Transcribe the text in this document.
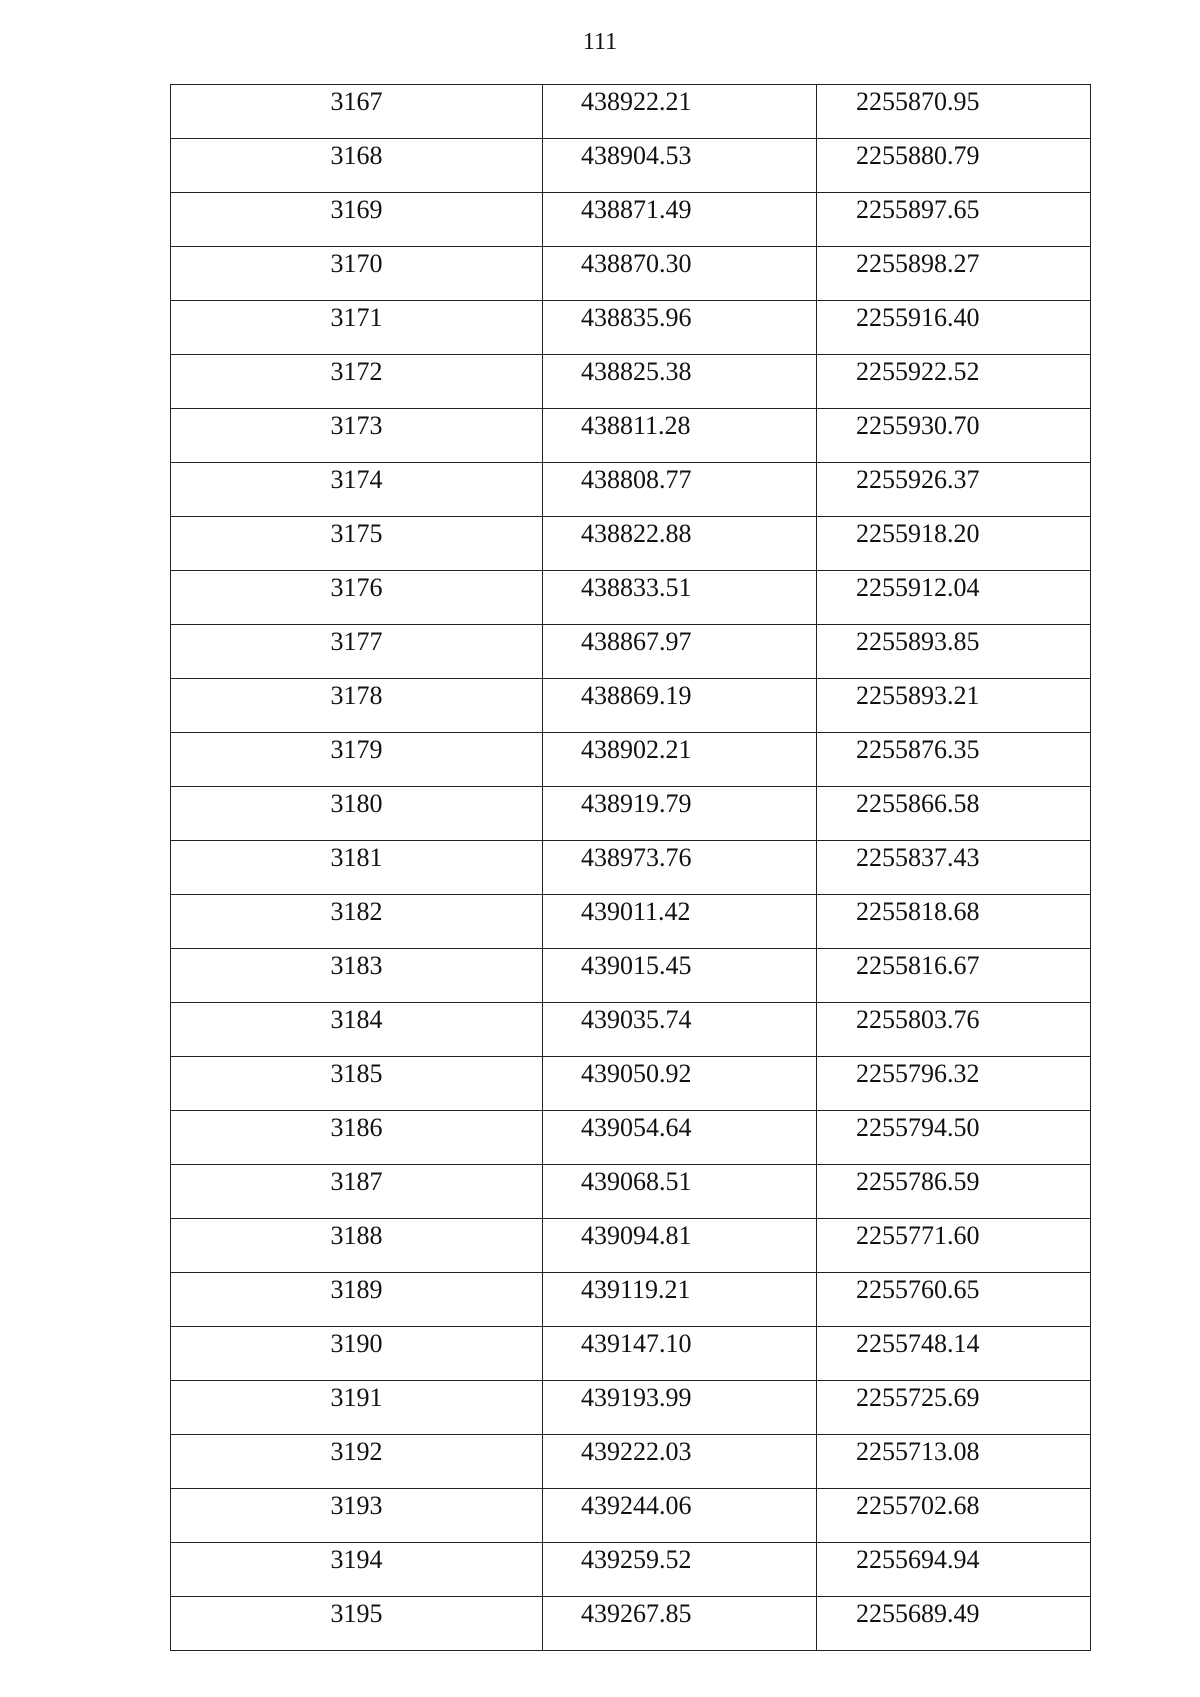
111
3167	438922.21	2255870.95

3168	438904.53	2255880.79

3169	438871.49	2255897.65

3170	438870.30	2255898.27

3171	438835.96	2255916.40

3172	438825.38	2255922.52

3173	438811.28	2255930.70

3174	438808.77	2255926.37

3175	438822.88	2255918.20

3176	438833.51	2255912.04

3177	438867.97	2255893.85

3178	438869.19	2255893.21

3179	438902.21	2255876.35

3180	438919.79	2255866.58

3181	438973.76	2255837.43

3182	439011.42	2255818.68

3183	439015.45	2255816.67

3184	439035.74	2255803.76

3185	439050.92	2255796.32

3186	439054.64	2255794.50

3187	439068.51	2255786.59

3188	439094.81	2255771.60

3189	439119.21	2255760.65

3190	439147.10	2255748.14

3191	439193.99	2255725.69

3192	439222.03	2255713.08

3193	439244.06	2255702.68

3194	439259.52	2255694.94

3195	439267.85	2255689.49
